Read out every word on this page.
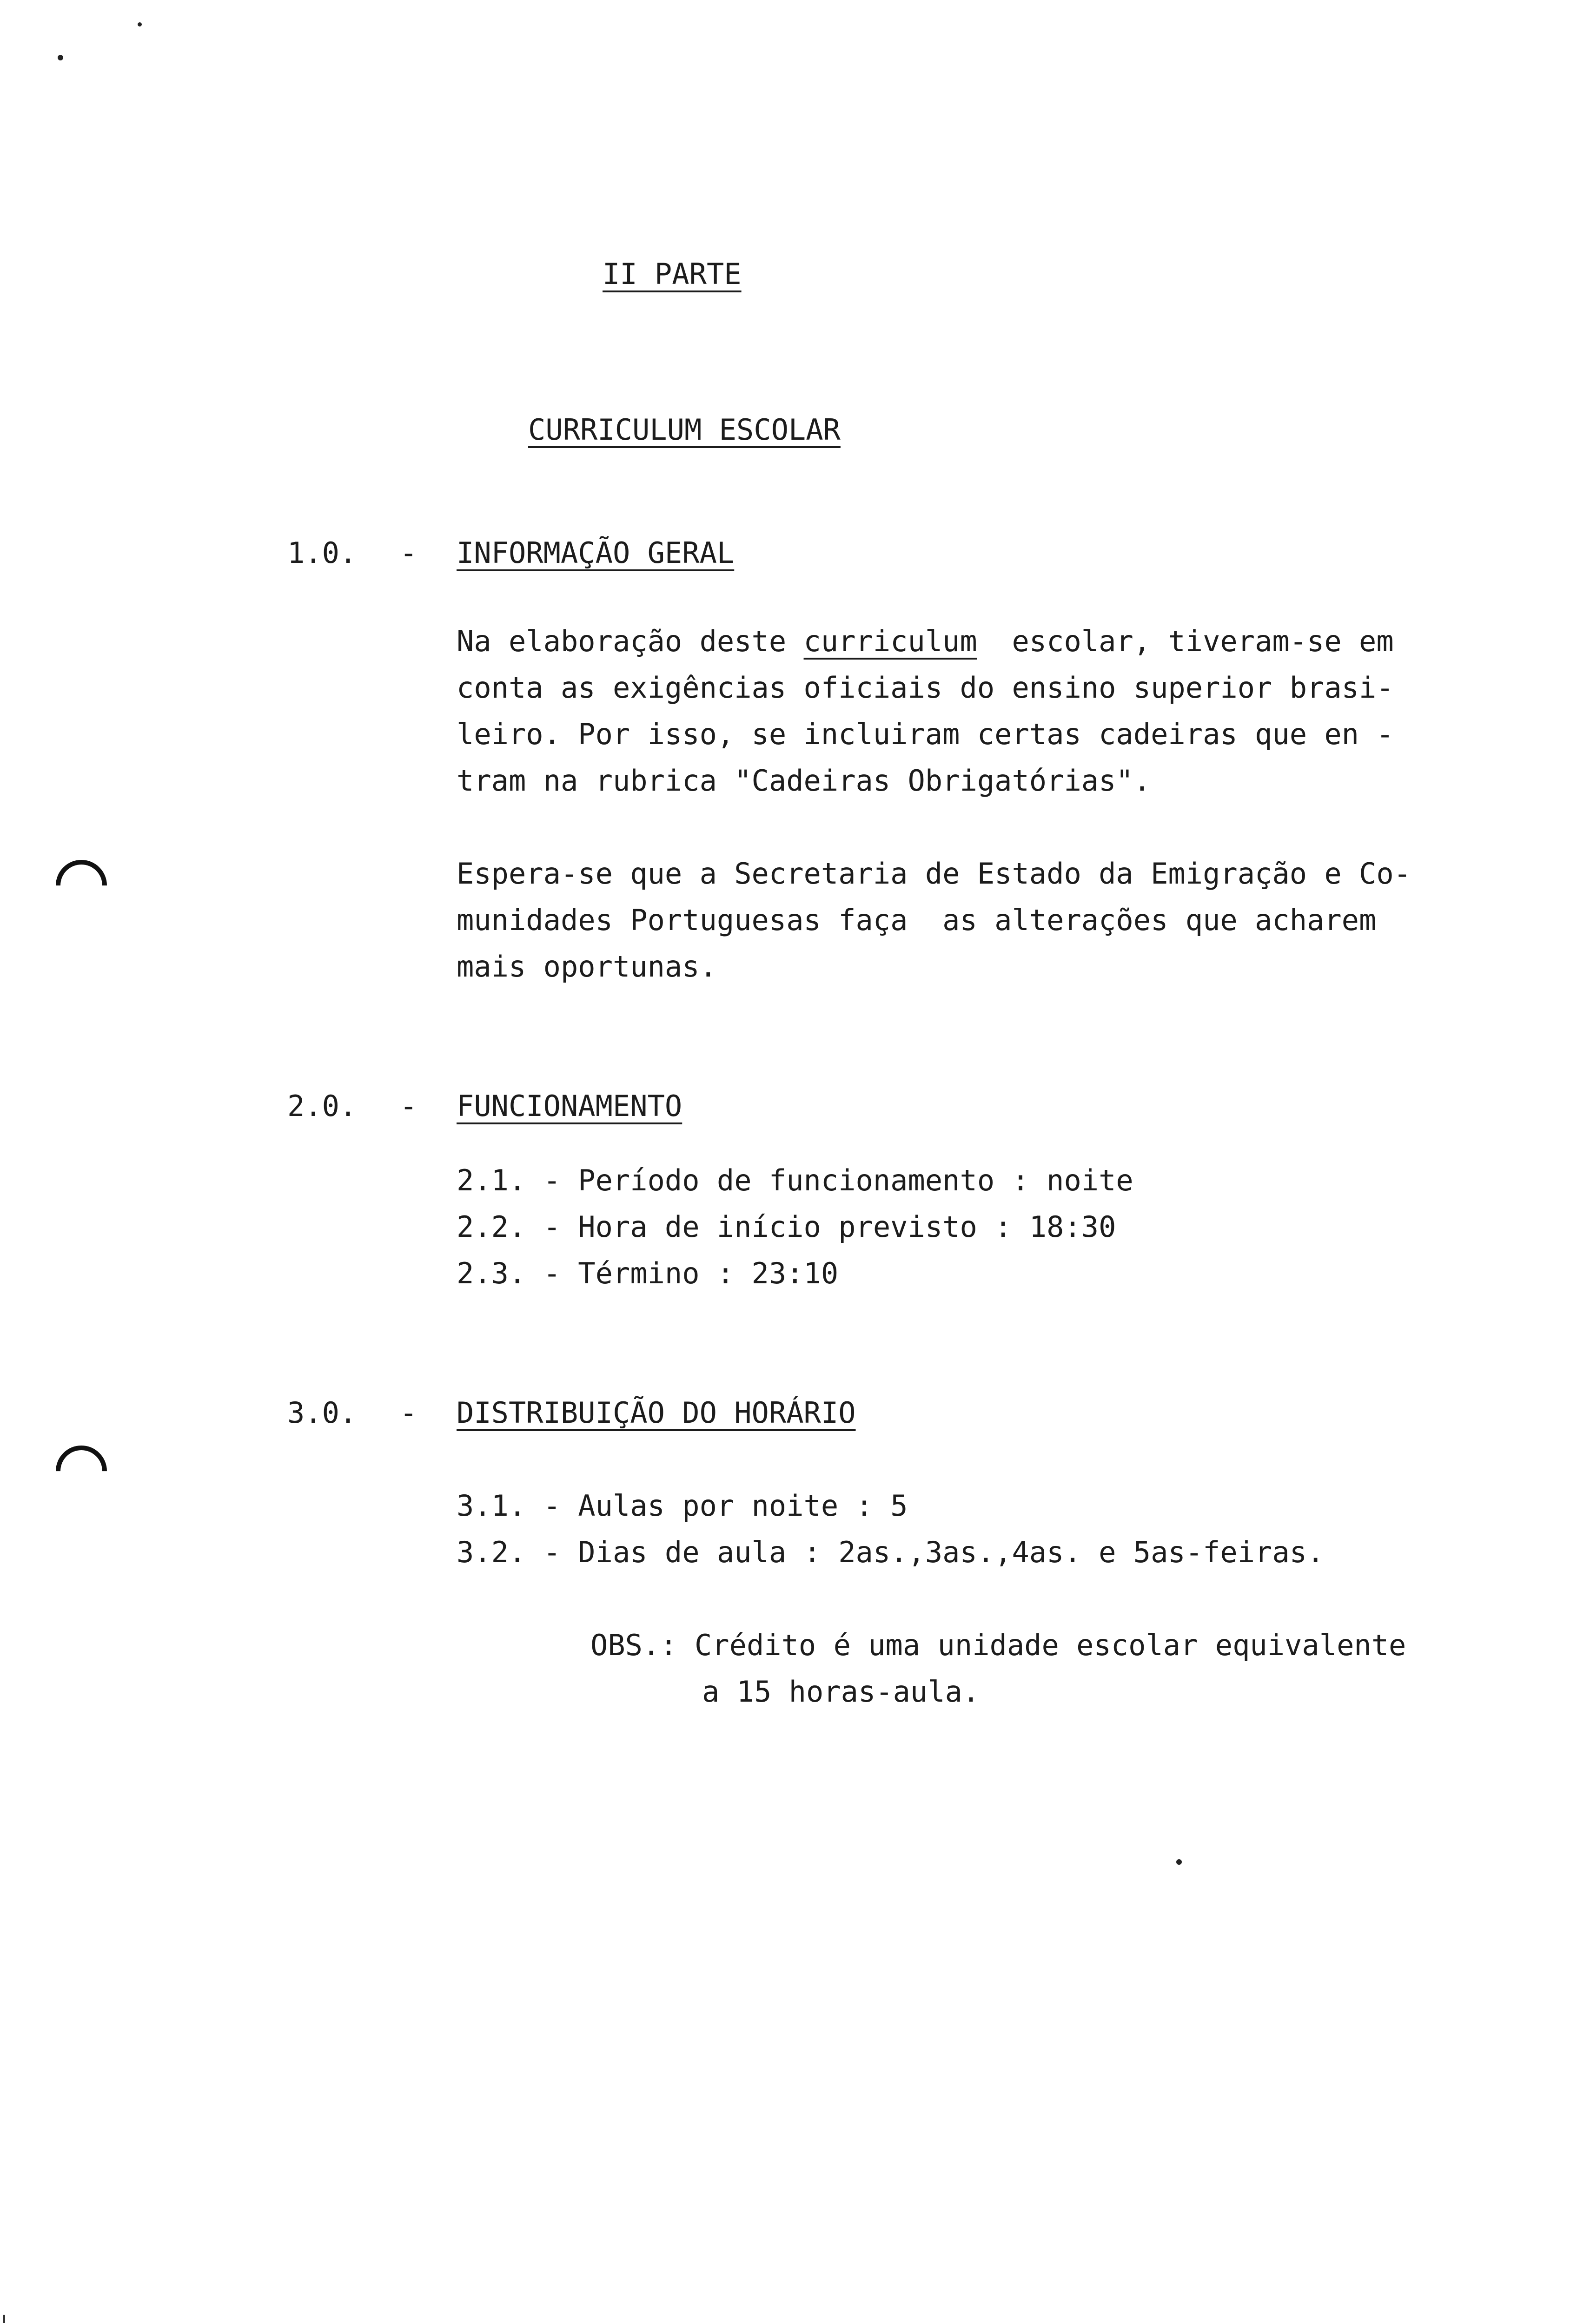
II PARTE
CURRICULUM ESCOLAR
1.0. - INFORMAÇÃO GERAL
Na elaboração deste curriculum  escolar, tiveram-se em
conta as exigências oficiais do ensino superior brasi-
leiro. Por isso, se incluiram certas cadeiras que en -
tram na rubrica "Cadeiras Obrigatórias".
Espera-se que a Secretaria de Estado da Emigração e Co-
munidades Portuguesas faça  as alterações que acharem
mais oportunas.
2.0. - FUNCIONAMENTO
2.1. - Período de funcionamento : noite
2.2. - Hora de início previsto : 18:30
2.3. - Término : 23:10
3.0. - DISTRIBUIÇÃO DO HORÁRIO
3.1. - Aulas por noite : 5
3.2. - Dias de aula : 2as.,3as.,4as. e 5as-feiras.
OBS.: Crédito é uma unidade escolar equivalente
a 15 horas-aula.
